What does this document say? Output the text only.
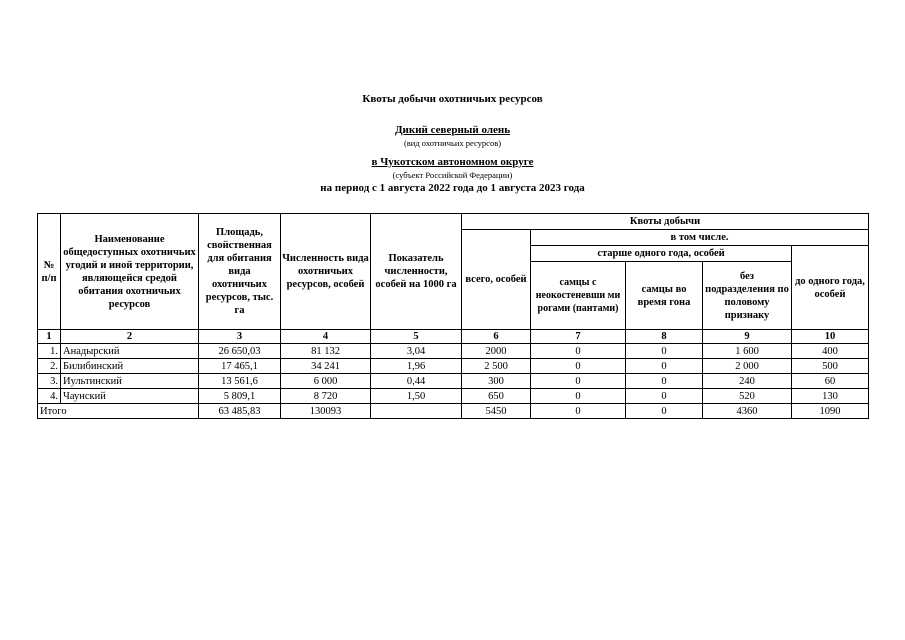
Квоты добычи охотничьих ресурсов
Дикий северный олень
(вид охотничьих ресурсов)
в Чукотском автономном округе
(субъект Российской Федерации)
на период с 1 августа 2022 года до 1 августа 2023 года
№ п/п	Наименование общедоступных охотничьих угодий и иной территории, являющейся средой обитания охотничьих ресурсов	Площадь, свойственная для обитания вида охотничьих ресурсов, тыс. га	Численность вида охотничьих ресурсов, особей	Показатель численности, особей на 1000 га	Квоты добычи				
					всего, особей	в том числе.			
						старше одного года, особей			до одного года, особей
						самцы с неокостеневши ми рогами (пантами)	самцы во время гона	без подразделения по половому признаку	
1	2	3	4	5	6	7	8	9	10
1.	Анадырский	26 650,03	81 132	3,04	2000	0	0	1 600	400
2.	Билибинский	17 465,1	34 241	1,96	2 500	0	0	2 000	500
3.	Иультинский	13 561,6	6 000	0,44	300	0	0	240	60
4.	Чаунский	5 809,1	8 720	1,50	650	0	0	520	130
Итого		63 485,83	130093		5450	0	0	4360	1090
